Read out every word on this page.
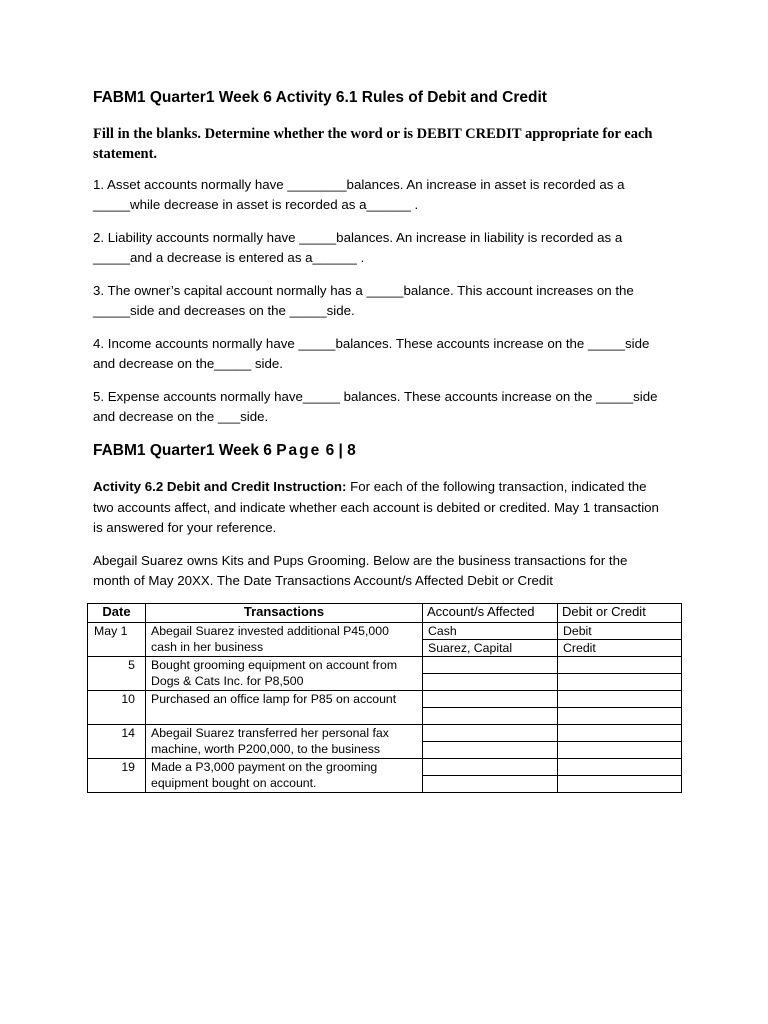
FABM1 Quarter1 Week 6 Activity 6.1 Rules of Debit and Credit
Fill in the blanks. Determine whether the word or is DEBIT CREDIT appropriate for each statement.
1. Asset accounts normally have ________balances. An increase in asset is recorded as a _____while decrease in asset is recorded as a______ .
2. Liability accounts normally have _____balances. An increase in liability is recorded as a _____and a decrease is entered as a______ .
3. The owner’s capital account normally has a _____balance. This account increases on the _____side and decreases on the _____side.
4. Income accounts normally have _____balances. These accounts increase on the _____side and decrease on the_____ side.
5. Expense accounts normally have_____ balances. These accounts increase on the _____side and decrease on the ___side.
FABM1 Quarter1 Week 6 Page 6 | 8
Activity 6.2 Debit and Credit Instruction: For each of the following transaction, indicated the two accounts affect, and indicate whether each account is debited or credited. May 1 transaction is answered for your reference.
Abegail Suarez owns Kits and Pups Grooming. Below are the business transactions for the month of May 20XX. The Date Transactions Account/s Affected Debit or Credit
Date	Transactions	Account/s Affected	Debit or Credit
May 1	Abegail Suarez invested additional P45,000 cash in her business	Cash	Debit
		Suarez, Capital	Credit
5	Bought grooming equipment on account from Dogs & Cats Inc. for P8,500		

10	Purchased an office lamp for P85 on account		

14	Abegail Suarez transferred her personal fax machine, worth P200,000, to the business		

19	Made a P3,000 payment on the grooming equipment bought on account.		
